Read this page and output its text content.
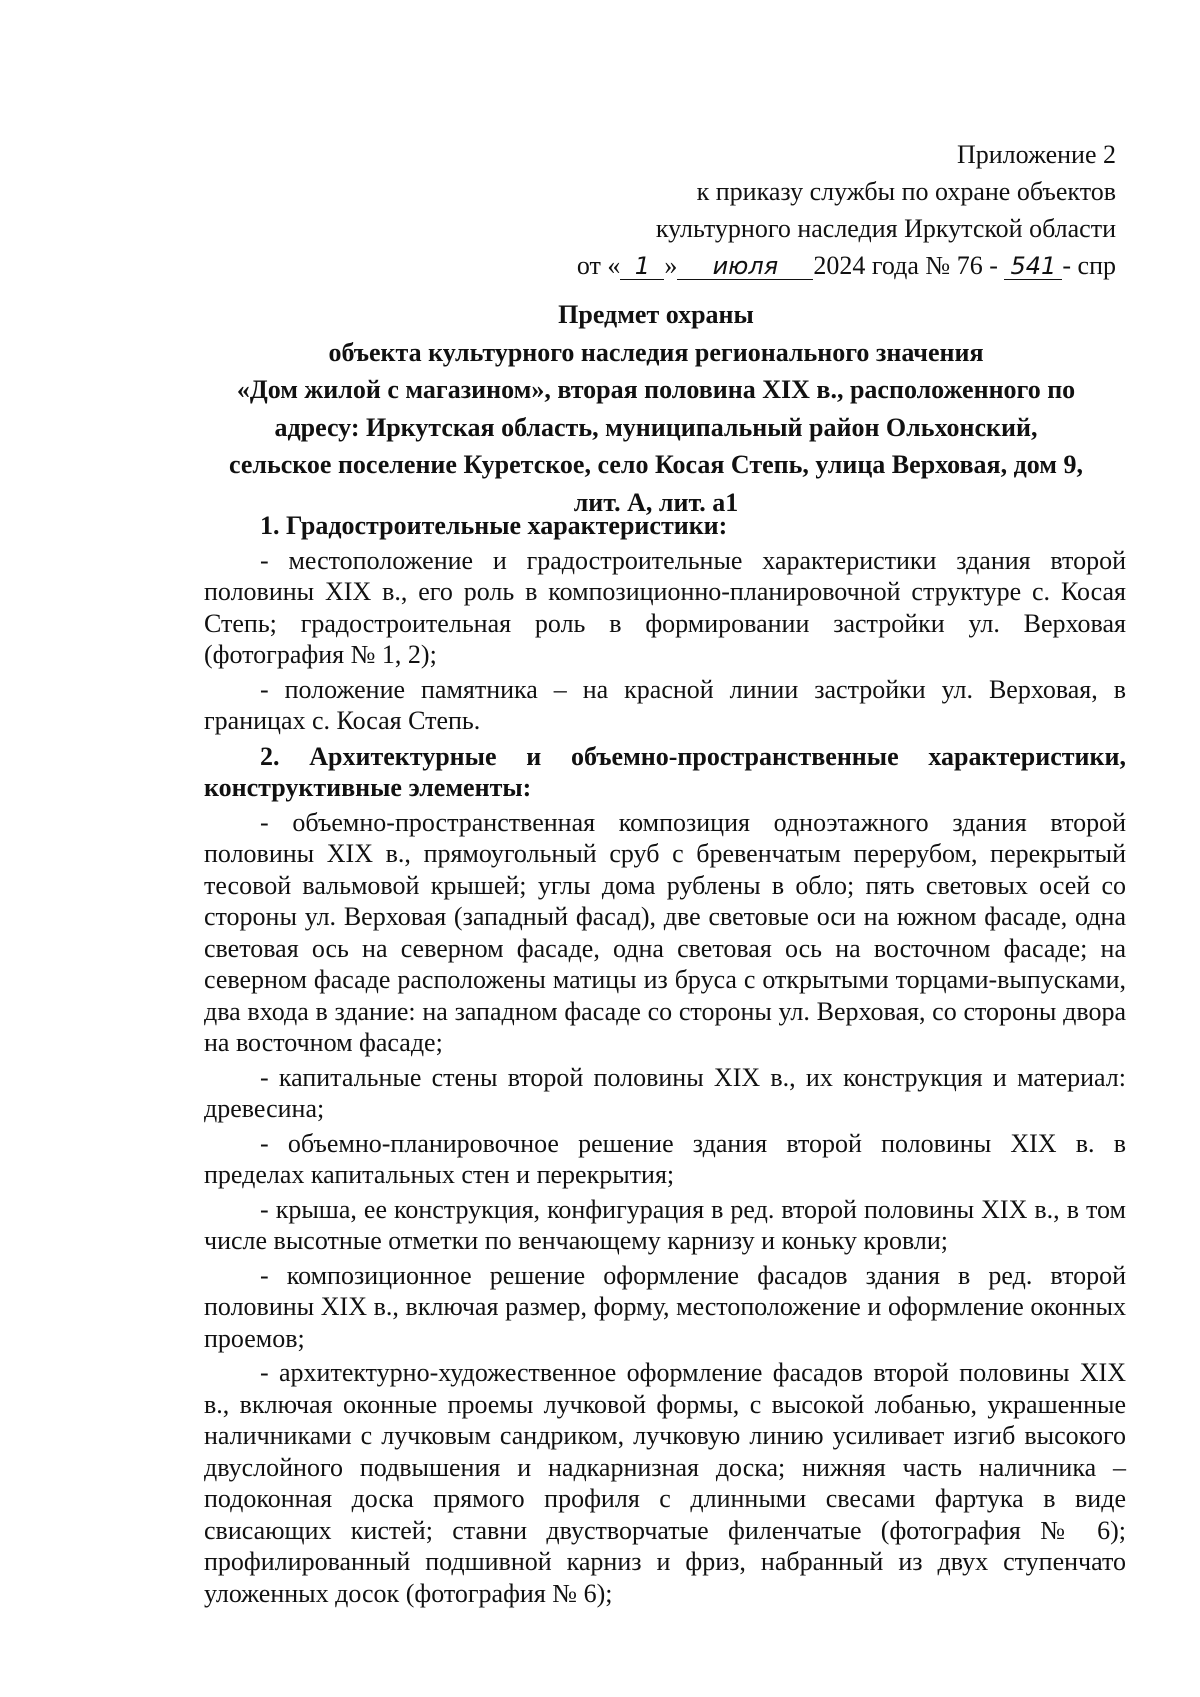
Приложение 2
к приказу службы по охране объектов
культурного наследия Иркутской области
от « 1 » июля 2024 года № 76 - 541 - спр
Предмет охраны
объекта культурного наследия регионального значения
«Дом жилой с магазином», вторая половина XIX в., расположенного по
адресу: Иркутская область, муниципальный район Ольхонский,
сельское поселение Куретское, село Косая Степь, улица Верховая, дом 9,
лит. А, лит. а1

1. Градостроительные характеристики:

- местоположение и градостроительные характеристики здания второй половины XIX в., его роль в композиционно-планировочной структуре с. Косая Степь; градостроительная роль в формировании застройки ул. Верховая (фотография № 1, 2);

- положение памятника – на красной линии застройки ул. Верховая, в границах с. Косая Степь.

2. Архитектурные и объемно-пространственные характеристики, конструктивные элементы:

- объемно-пространственная композиция одноэтажного здания второй половины XIX в., прямоугольный сруб с бревенчатым перерубом, перекрытый тесовой вальмовой крышей; углы дома рублены в обло; пять световых осей со стороны ул. Верховая (западный фасад), две световые оси на южном фасаде, одна световая ось на северном фасаде, одна световая ось на восточном фасаде; на северном фасаде расположены матицы из бруса с открытыми торцами-выпусками, два входа в здание: на западном фасаде со стороны ул. Верховая, со стороны двора на восточном фасаде;

- капитальные стены второй половины XIX в., их конструкция и материал: древесина;

- объемно-планировочное решение здания второй половины XIX в. в пределах капитальных стен и перекрытия;

- крыша, ее конструкция, конфигурация в ред. второй половины XIX в., в том числе высотные отметки по венчающему карнизу и коньку кровли;

- композиционное решение оформление фасадов здания в ред. второй половины XIX в., включая размер, форму, местоположение и оформление оконных проемов;

- архитектурно-художественное оформление фасадов второй половины XIX в., включая оконные проемы лучковой формы, с высокой лобанью, украшенные наличниками с лучковым сандриком, лучковую линию усиливает изгиб высокого двуслойного подвышения и надкарнизная доска; нижняя часть наличника – подоконная доска прямого профиля с длинными свесами фартука в виде свисающих кистей; ставни двустворчатые филенчатые (фотография № 6); профилированный подшивной карниз и фриз, набранный из двух ступенчато уложенных досок (фотография № 6);
